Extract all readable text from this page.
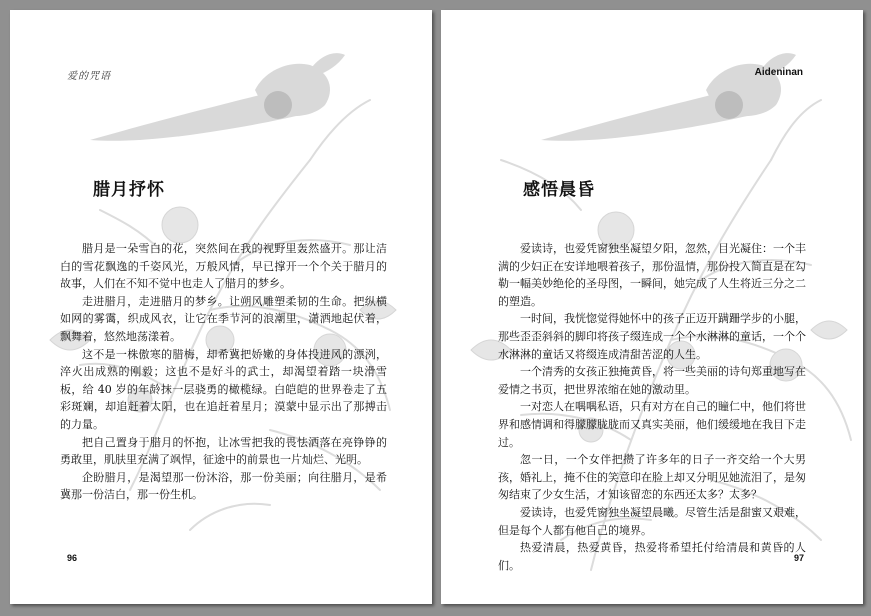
爱的咒语
腊月抒怀

腊月是一朵雪白的花，突然间在我的视野里轰然盛开。那让洁白的雪花飘逸的千姿风光，万般风情，早已撑开一个个关于腊月的故事，人们在不知不觉中也走人了腊月的梦乡。

走进腊月，走进腊月的梦乡。让朔风雕塑柔韧的生命。把纵横如网的雾霭，织成风衣，让它在季节河的浪潮里，潇洒地起伏着，飘舞着，悠然地荡漾着。

这不是一株傲寒的腊梅，却希冀把娇嫩的身体投进风的漂洌，淬火出成熟的刚毅；这也不是好斗的武士，却渴望着踏一块滑雪板，给 40 岁的年龄抹一层骁勇的橄榄绿。白皑皑的世界卷走了五彩斑斓，却追赶着太阳，也在追赶着星月；漠蒙中显示出了那搏击的力量。

把自己置身于腊月的怀抱，让冰雪把我的畏怯洒落在亮铮铮的勇敢里，肌肤里充满了飒悍，征途中的前景也一片灿烂、光明。

企盼腊月，是渴望那一份沐浴，那一份美丽；向往腊月，是希冀那一份洁白，那一份生机。

96
Aideninan
感悟晨昏

爱读诗，也爱凭窗独坐凝望夕阳，忽然，目光凝住：一个丰满的少妇正在安详地喂着孩子，那份温情，那份投入简直是在勾勒一幅美妙绝伦的圣母图，一瞬间，她完成了人生将近三分之二的塑造。

一时间，我恍惚觉得她怀中的孩子正迈开蹒跚学步的小腿，那些歪歪斜斜的脚印将孩子缀连成一个个水淋淋的童话，一个个水淋淋的童话又将缀连成清甜苦涩的人生。

一个清秀的女孩正独掩黄昏，将一些美丽的诗句郑重地写在爱情之书页，把世界浓缩在她的激动里。

一对恋人在喁喁私语，只有对方在自己的瞳仁中，他们将世界和感情调和得朦朦胧胧而又真实美丽，他们缓缓地在我目下走过。

忽一日，一个女伴把攒了许多年的日子一齐交给一个大男孩，婚礼上，掩不住的笑意印在脸上却又分明见她流泪了，是匆匆结束了少女生活，才知该留恋的东西还太多？太多？

爱读诗，也爱凭窗独坐凝望晨曦。尽管生活是甜蜜又艰难，但是每个人都有他自己的境界。

热爱清晨，热爱黄昏，热爱将希望托付给清晨和黄昏的人们。

97
